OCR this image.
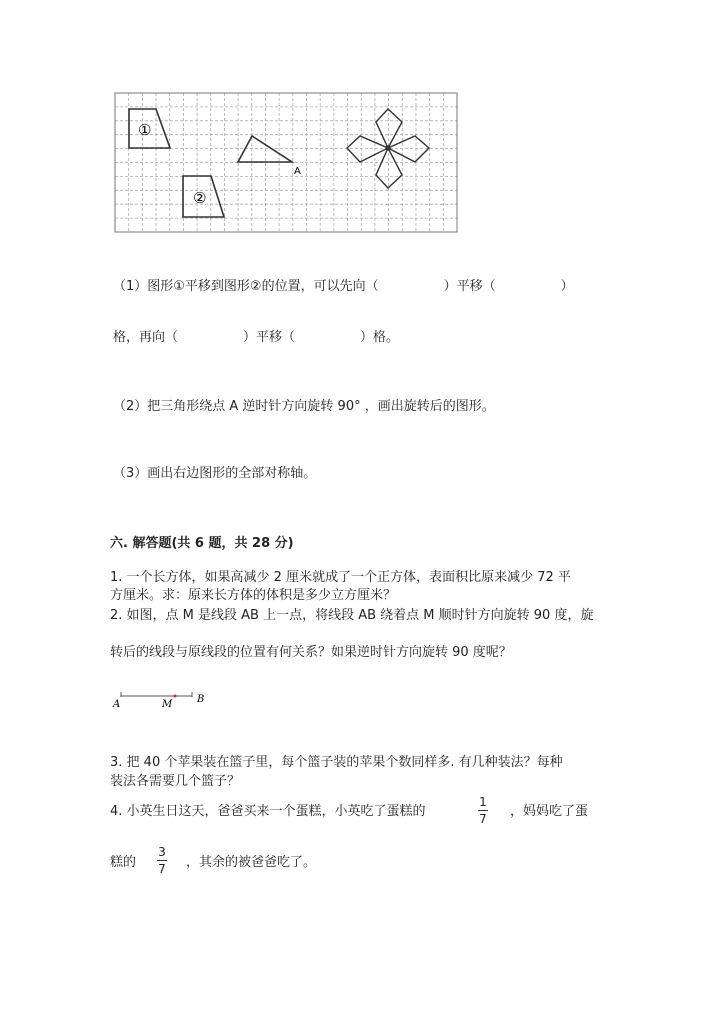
①
②
A
（1）图形①平移到图形②的位置，可以先向（　　　　　）平移（　　　　　）
格，再向（　　　　　）平移（　　　　　）格。
（2）把三角形绕点 A 逆时针方向旋转 90° ，画出旋转后的图形。
（3）画出右边图形的全部对称轴。
六. 解答题(共 6 题，共 28 分)
1. 一个长方体，如果高减少 2 厘米就成了一个正方体，表面积比原来减少 72 平
方厘米。求：原来长方体的体积是多少立方厘米？
2. 如图，点 M 是线段 AB 上一点，将线段 AB 绕着点 M 顺时针方向旋转 90 度，旋
转后的线段与原线段的位置有何关系？如果逆时针方向旋转 90 度呢？
A	M B
3. 把 40 个苹果装在篮子里，每个篮子装的苹果个数同样多. 有几种装法？每种
装法各需要几个篮子？
4. 小英生日这天，爸爸买来一个蛋糕，小英吃了蛋糕的
1
7 ，妈妈吃了蛋
糕的
3
7 ，其余的被爸爸吃了。
